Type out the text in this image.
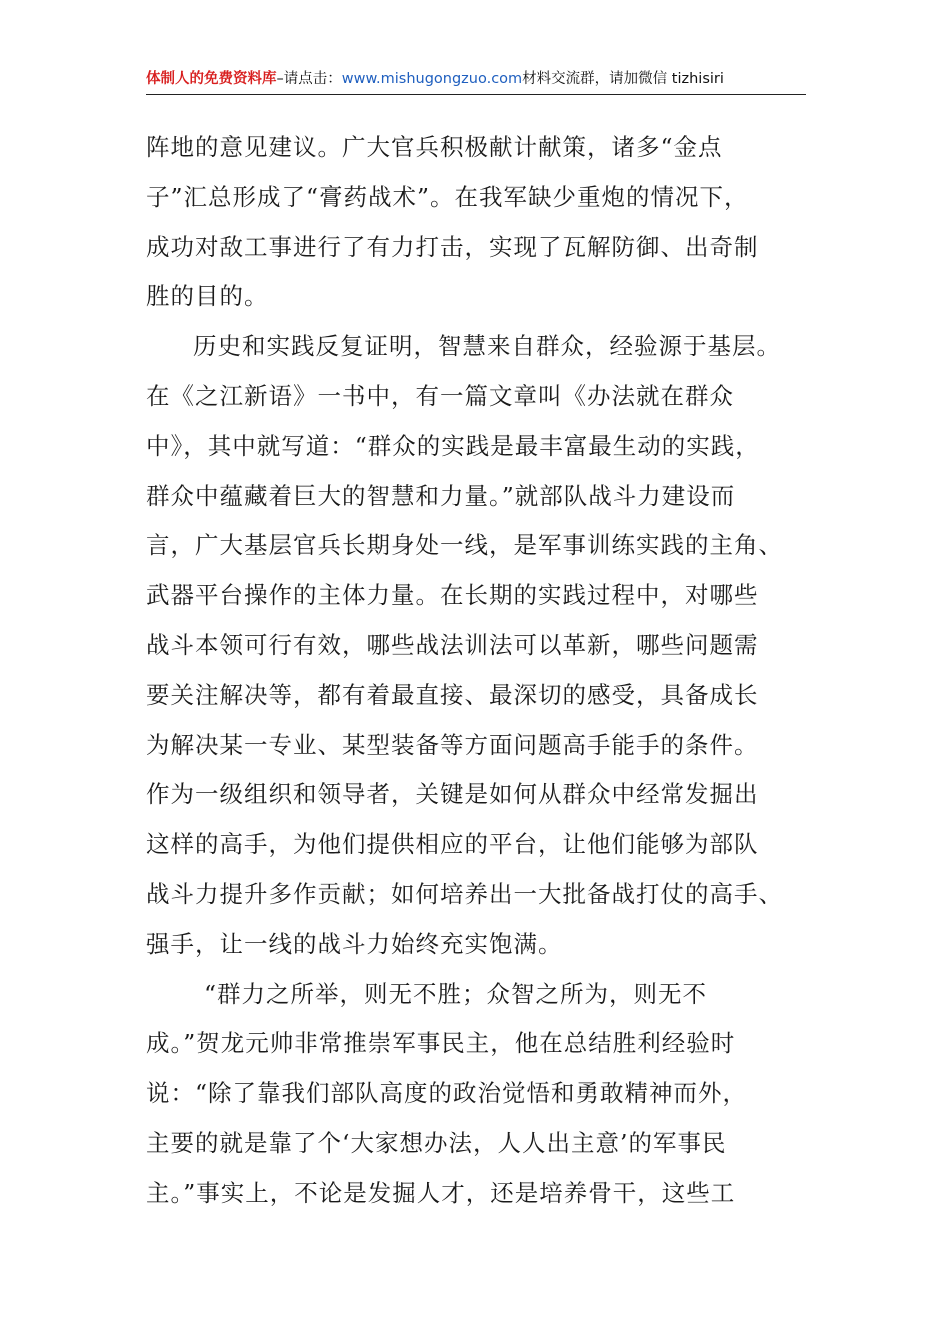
体制人的免费资料库–请点击：www.mishugongzuo.com材料交流群，请加微信 tizhisiri
阵地的意见建议。广大官兵积极献计献策，诸多“金点
子”汇总形成了“膏药战术”。在我军缺少重炮的情况下，
成功对敌工事进行了有力打击，实现了瓦解防御、出奇制
胜的目的。
历史和实践反复证明，智慧来自群众，经验源于基层。
在《之江新语》一书中，有一篇文章叫《办法就在群众
中》，其中就写道：“群众的实践是最丰富最生动的实践，
群众中蕴藏着巨大的智慧和力量。”就部队战斗力建设而
言，广大基层官兵长期身处一线，是军事训练实践的主角、
武器平台操作的主体力量。在长期的实践过程中，对哪些
战斗本领可行有效，哪些战法训法可以革新，哪些问题需
要关注解决等，都有着最直接、最深切的感受，具备成长
为解决某一专业、某型装备等方面问题高手能手的条件。
作为一级组织和领导者，关键是如何从群众中经常发掘出
这样的高手，为他们提供相应的平台，让他们能够为部队
战斗力提升多作贡献；如何培养出一大批备战打仗的高手、
强手，让一线的战斗力始终充实饱满。
“群力之所举，则无不胜；众智之所为，则无不
成。”贺龙元帅非常推崇军事民主，他在总结胜利经验时
说：“除了靠我们部队高度的政治觉悟和勇敢精神而外，
主要的就是靠了个‘大家想办法，人人出主意’的军事民
主。”事实上，不论是发掘人才，还是培养骨干，这些工
